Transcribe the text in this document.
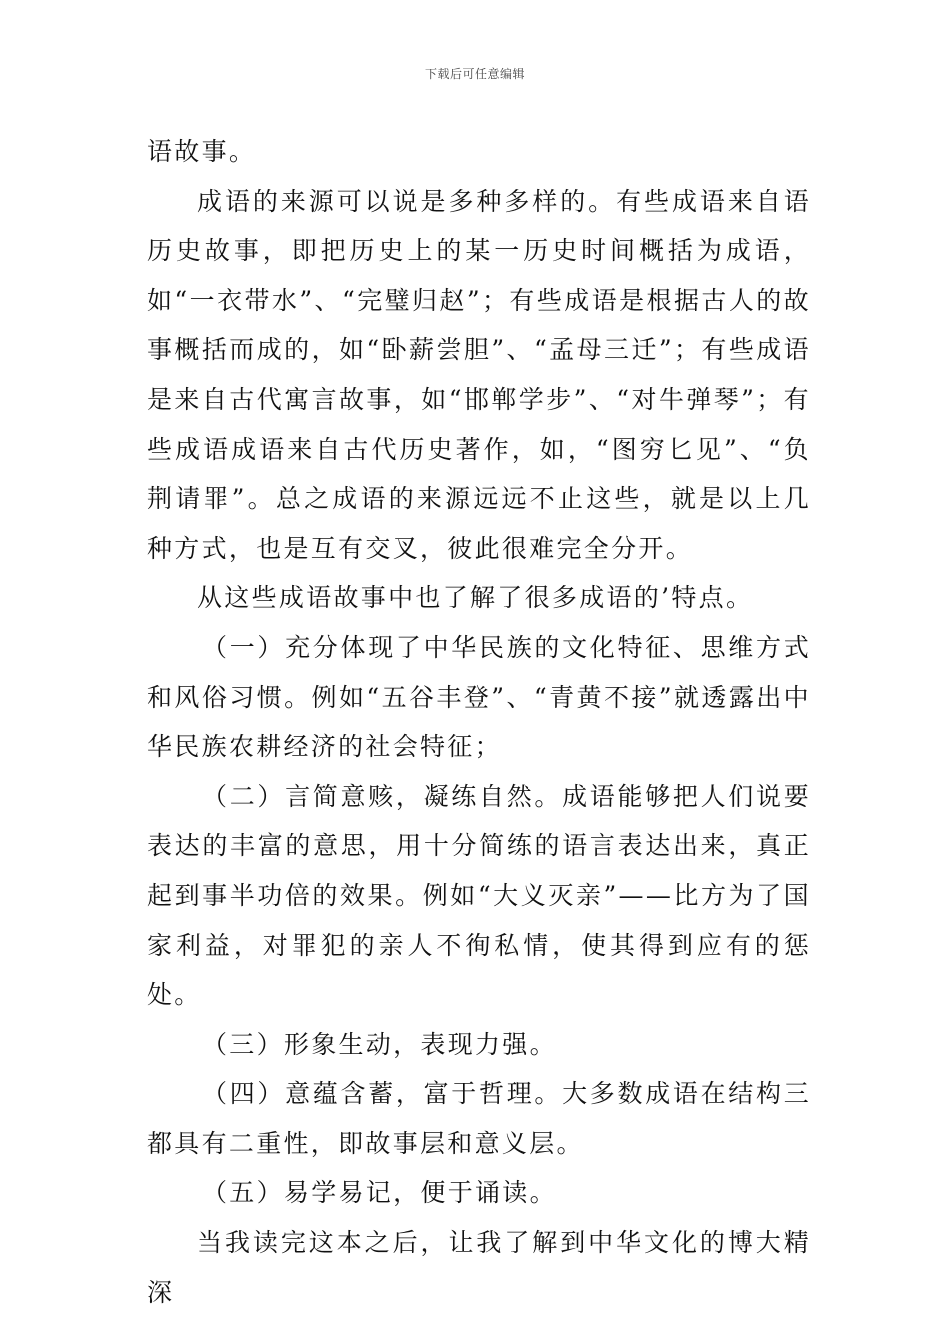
下载后可任意编辑

语故事。

成语的来源可以说是多种多样的。有些成语来自语历史故事，即把历史上的某一历史时间概括为成语，如“一衣带水”、“完璧归赵”；有些成语是根据古人的故事概括而成的，如“卧薪尝胆”、“孟母三迁”；有些成语是来自古代寓言故事，如“邯郸学步”、“对牛弹琴”；有些成语成语来自古代历史著作，如，“图穷匕见”、“负荆请罪”。总之成语的来源远远不止这些，就是以上几种方式，也是互有交叉，彼此很难完全分开。

从这些成语故事中也了解了很多成语的’特点。

（一）充分体现了中华民族的文化特征、思维方式和风俗习惯。例如“五谷丰登”、“青黄不接”就透露出中华民族农耕经济的社会特征；

（二）言简意赅，凝练自然。成语能够把人们说要表达的丰富的意思，用十分简练的语言表达出来，真正起到事半功倍的效果。例如“大义灭亲”——比方为了国家利益，对罪犯的亲人不徇私情，使其得到应有的惩处。

（三）形象生动，表现力强。

（四）意蕴含蓄，富于哲理。大多数成语在结构三都具有二重性，即故事层和意义层。

（五）易学易记，便于诵读。

当我读完这本之后，让我了解到中华文化的博大精深
